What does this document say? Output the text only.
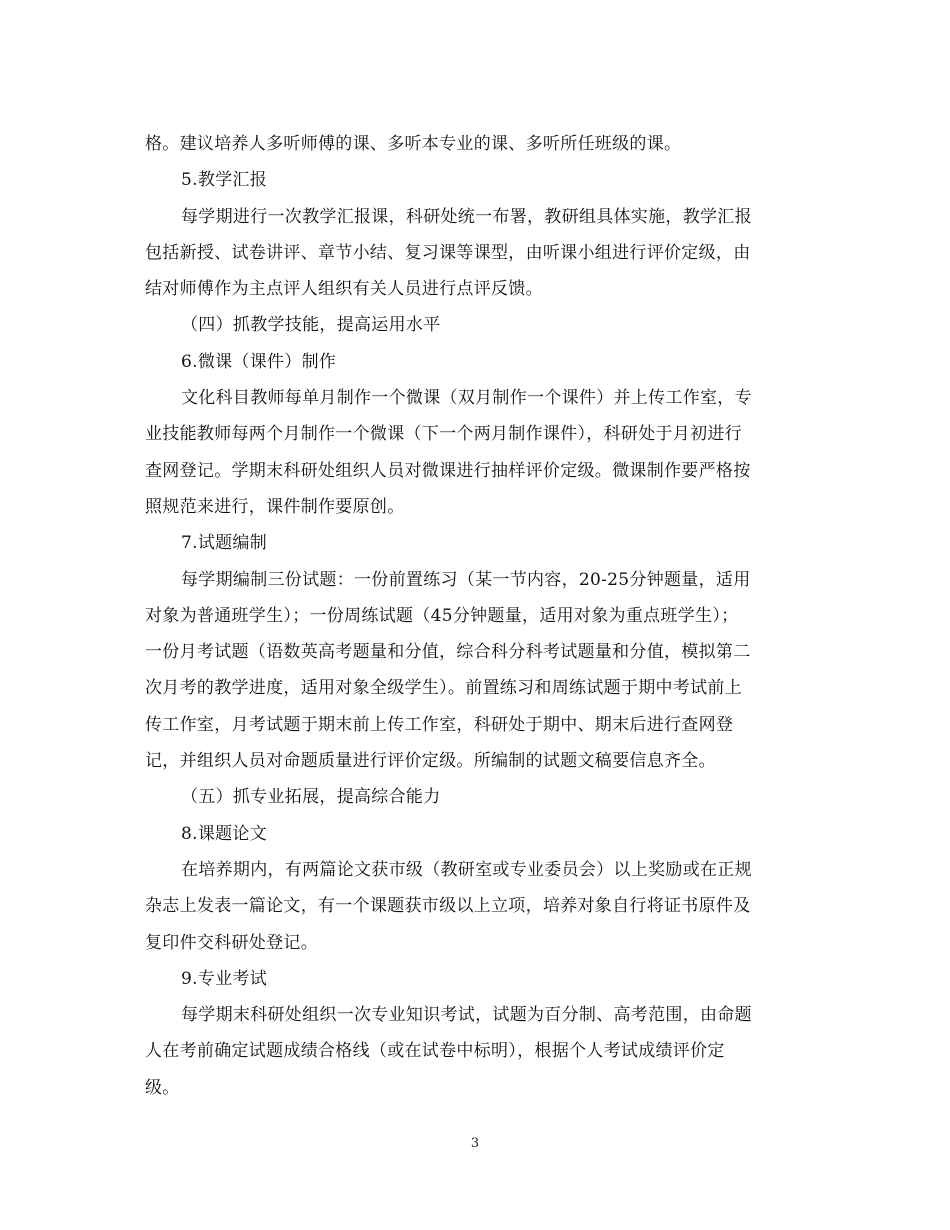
格。建议培养人多听师傅的课、多听本专业的课、多听所任班级的课。
5.教学汇报
每学期进行一次教学汇报课，科研处统一布署，教研组具体实施，教学汇报
包括新授、试卷讲评、章节小结、复习课等课型，由听课小组进行评价定级，由
结对师傅作为主点评人组织有关人员进行点评反馈。
（四）抓教学技能，提高运用水平
6.微课（课件）制作
文化科目教师每单月制作一个微课（双月制作一个课件）并上传工作室，专
业技能教师每两个月制作一个微课（下一个两月制作课件），科研处于月初进行
查网登记。学期末科研处组织人员对微课进行抽样评价定级。微课制作要严格按
照规范来进行，课件制作要原创。
7.试题编制
每学期编制三份试题：一份前置练习（某一节内容，20-25分钟题量，适用
对象为普通班学生）；一份周练试题（45分钟题量，适用对象为重点班学生）；
一份月考试题（语数英高考题量和分值，综合科分科考试题量和分值，模拟第二
次月考的教学进度，适用对象全级学生）。前置练习和周练试题于期中考试前上
传工作室，月考试题于期末前上传工作室，科研处于期中、期末后进行查网登
记，并组织人员对命题质量进行评价定级。所编制的试题文稿要信息齐全。
（五）抓专业拓展，提高综合能力
8.课题论文
在培养期内，有两篇论文获市级（教研室或专业委员会）以上奖励或在正规
杂志上发表一篇论文，有一个课题获市级以上立项，培养对象自行将证书原件及
复印件交科研处登记。
9.专业考试
每学期末科研处组织一次专业知识考试，试题为百分制、高考范围，由命题
人在考前确定试题成绩合格线（或在试卷中标明），根据个人考试成绩评价定
级。
3
